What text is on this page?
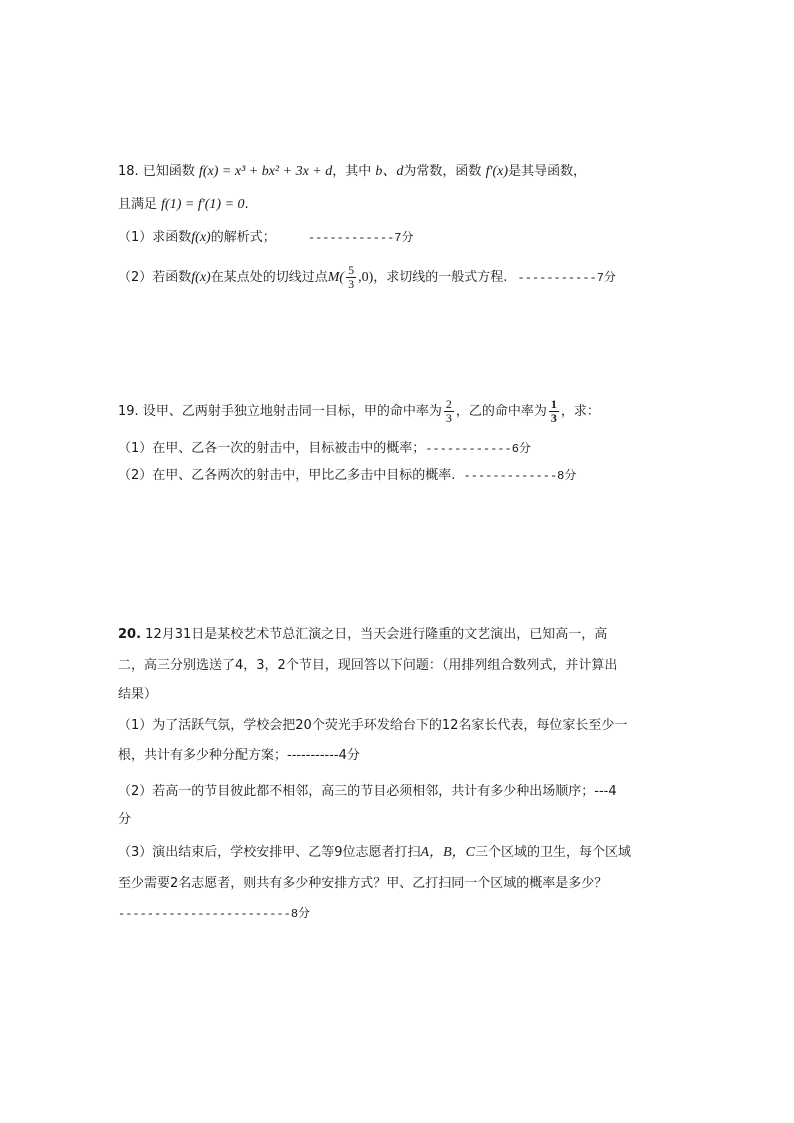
18. 已知函数 f(x) = x³ + bx² + 3x + d，其中 b、d为常数，函数 f′(x)是其导函数，
且满足 f(1) = f′(1) = 0.
（1）求函数f(x)的解析式；	------------7分
（2）若函数f(x)在某点处的切线过点$M( \frac{5}{3} ,0)$，求切线的一般式方程. -----------7分
19. 设甲、乙两射手独立地射击同一目标，甲的命中率为 $\frac{2}{3}$ ，乙的命中率为 $\frac{1}{3}$ ，求：
（1）在甲、乙各一次的射击中，目标被击中的概率；------------6分
（2）在甲、乙各两次的射击中，甲比乙多击中目标的概率. -------------8分
20. 12月31日是某校艺术节总汇演之日，当天会进行隆重的文艺演出，已知高一，高
二，高三分别选送了4，3，2个节目，现回答以下问题：（用排列组合数列式，并计算出
结果）
（1）为了活跃气氛，学校会把20个荧光手环发给台下的12名家长代表，每位家长至少一
根，共计有多少种分配方案；-----------4分
（2）若高一的节目彼此都不相邻，高三的节目必须相邻，共计有多少种出场顺序；---4
分
（3）演出结束后，学校安排甲、乙等9位志愿者打扫A，B，C三个区域的卫生，每个区域
至少需要2名志愿者，则共有多少种安排方式？甲、乙打扫同一个区域的概率是多少？
------------------------8分
